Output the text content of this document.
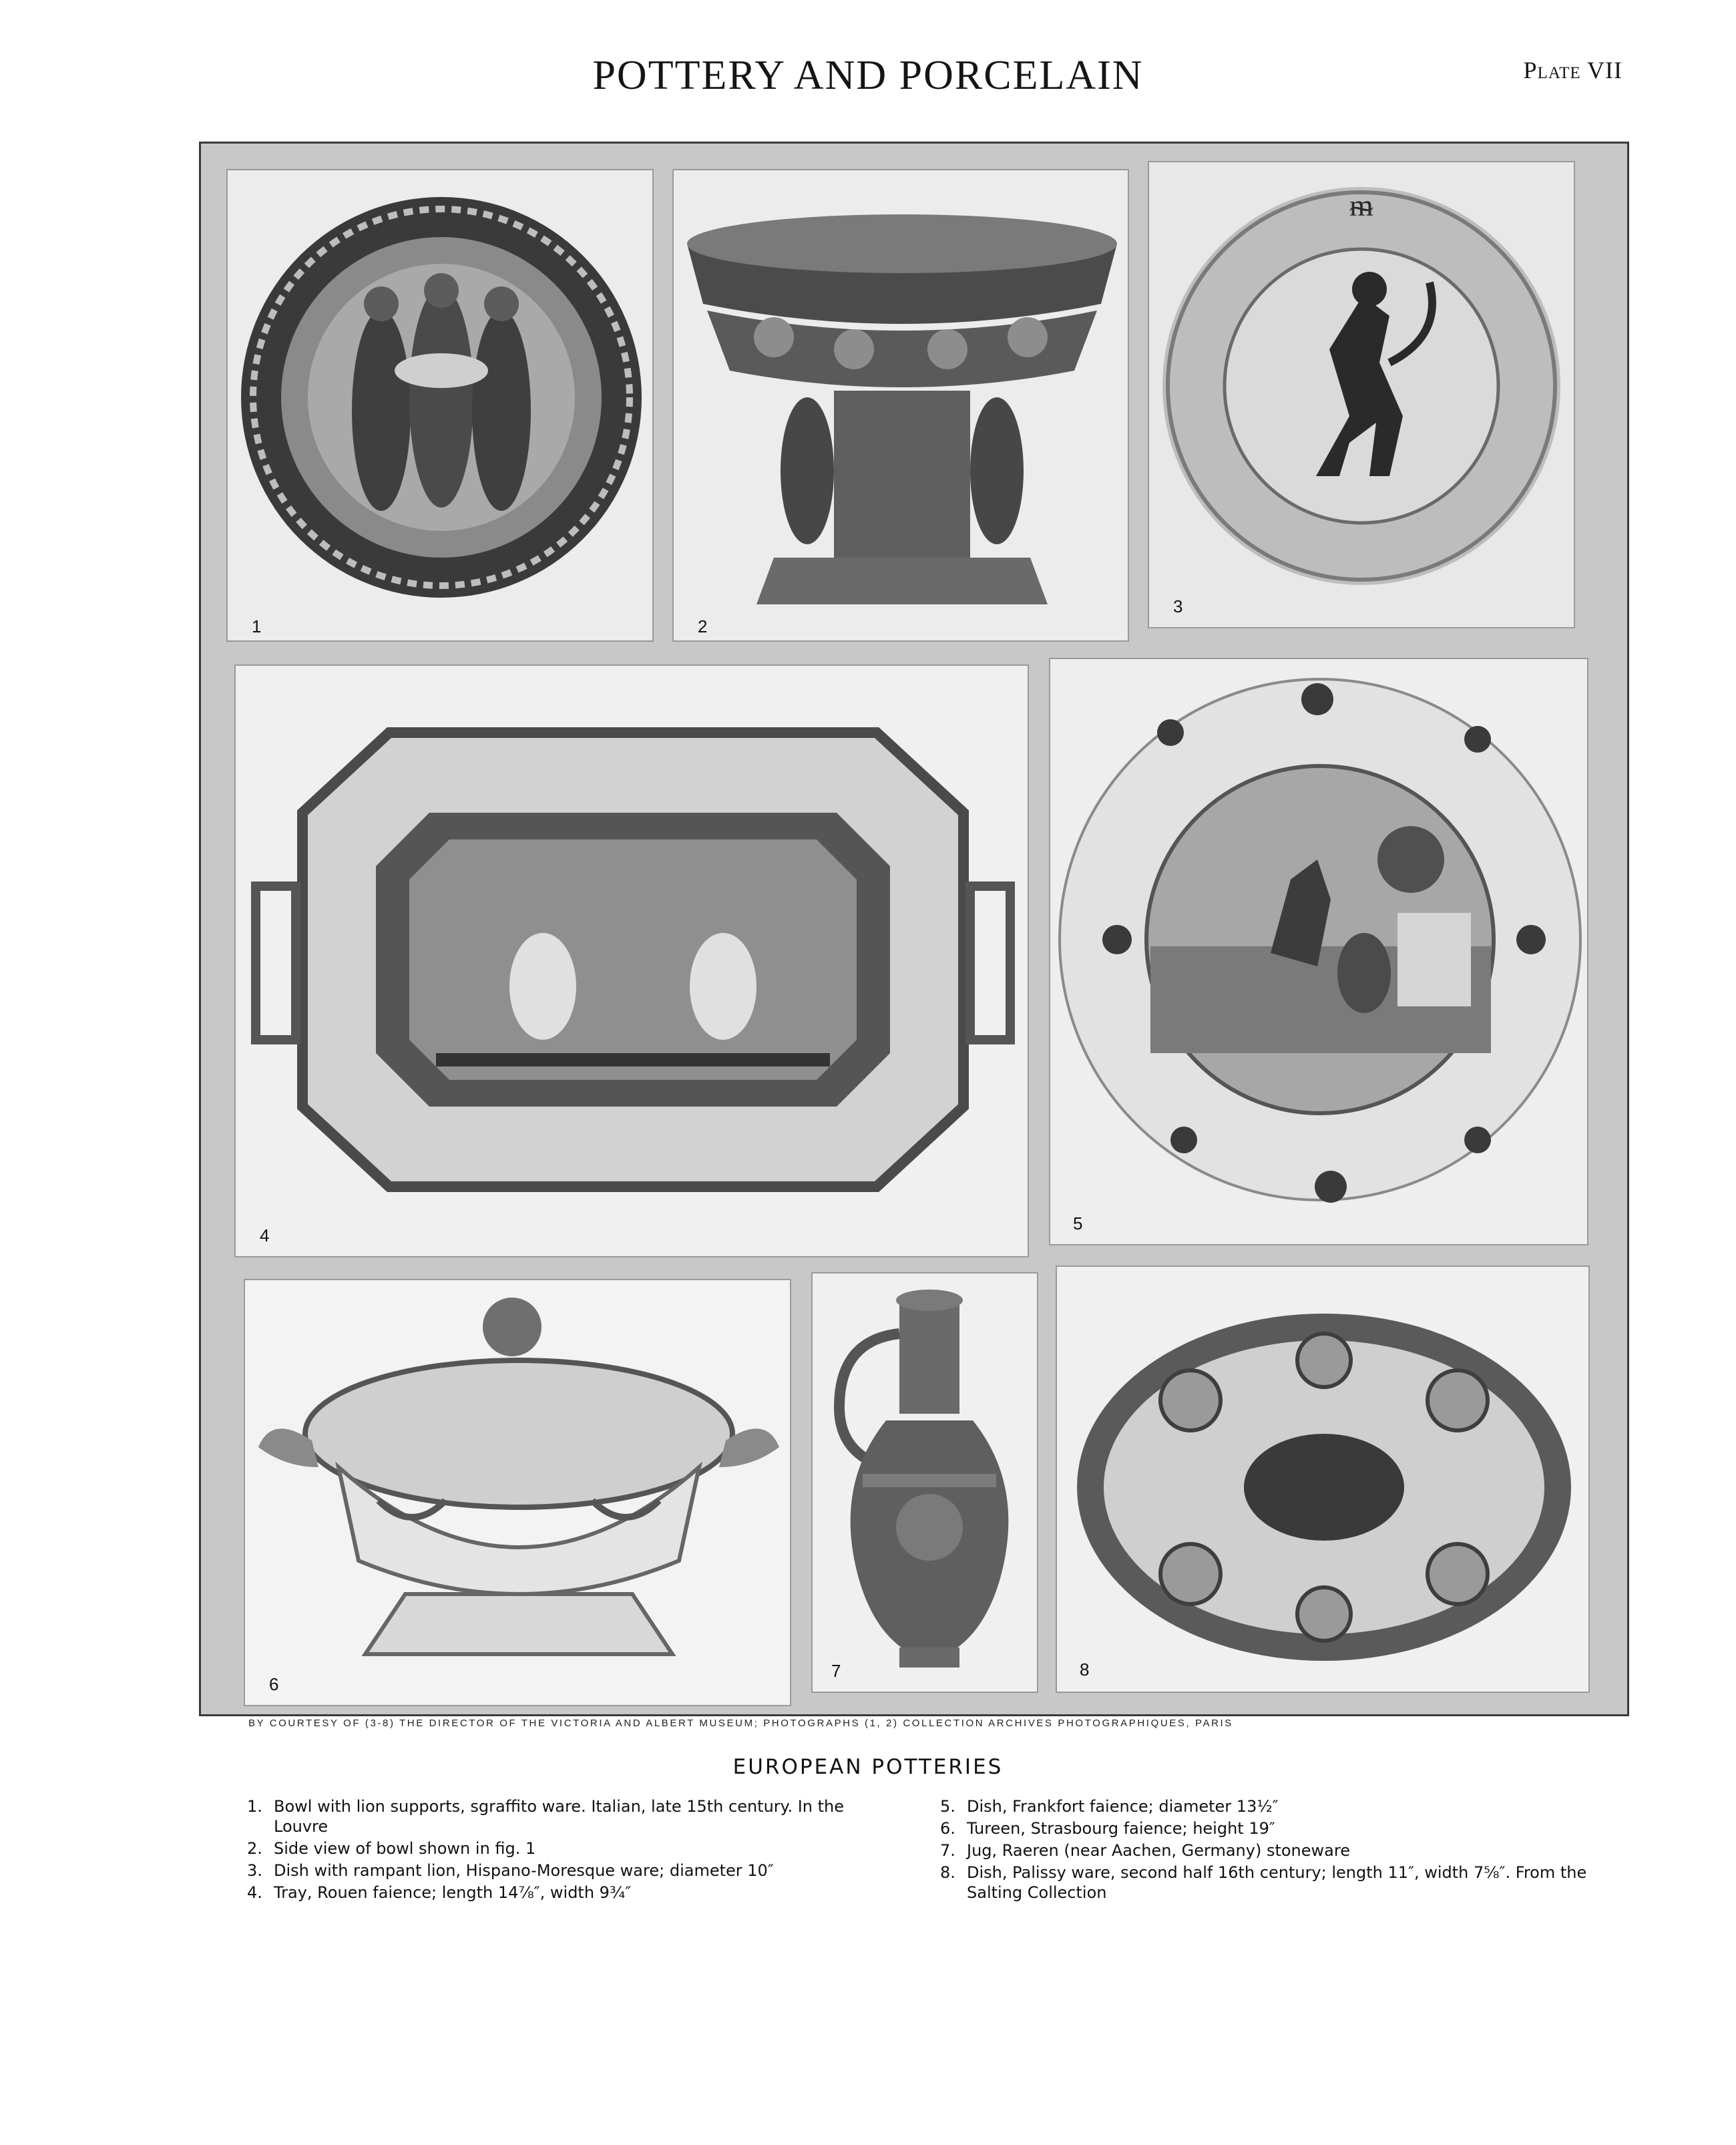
POTTERY AND PORCELAIN	Plate VII
1	2
ᵯ
3
4
5
6
7	8
BY COURTESY OF (3-8) THE DIRECTOR OF THE VICTORIA AND ALBERT MUSEUM; PHOTOGRAPHS (1, 2) COLLECTION ARCHIVES PHOTOGRAPHIQUES, PARIS
EUROPEAN POTTERIES
1. Bowl with lion supports, sgraffito ware. Italian, late 15th century. In the Louvre
2. Side view of bowl shown in fig. 1
3. Dish with rampant lion, Hispano-Moresque ware; diameter 10″
4. Tray, Rouen faience; length 14⅞″, width 9¾″
5. Dish, Frankfort faience; diameter 13½″
6. Tureen, Strasbourg faience; height 19″
7. Jug, Raeren (near Aachen, Germany) stoneware
8. Dish, Palissy ware, second half 16th century; length 11″, width 7⅝″. From the Salting Collection
